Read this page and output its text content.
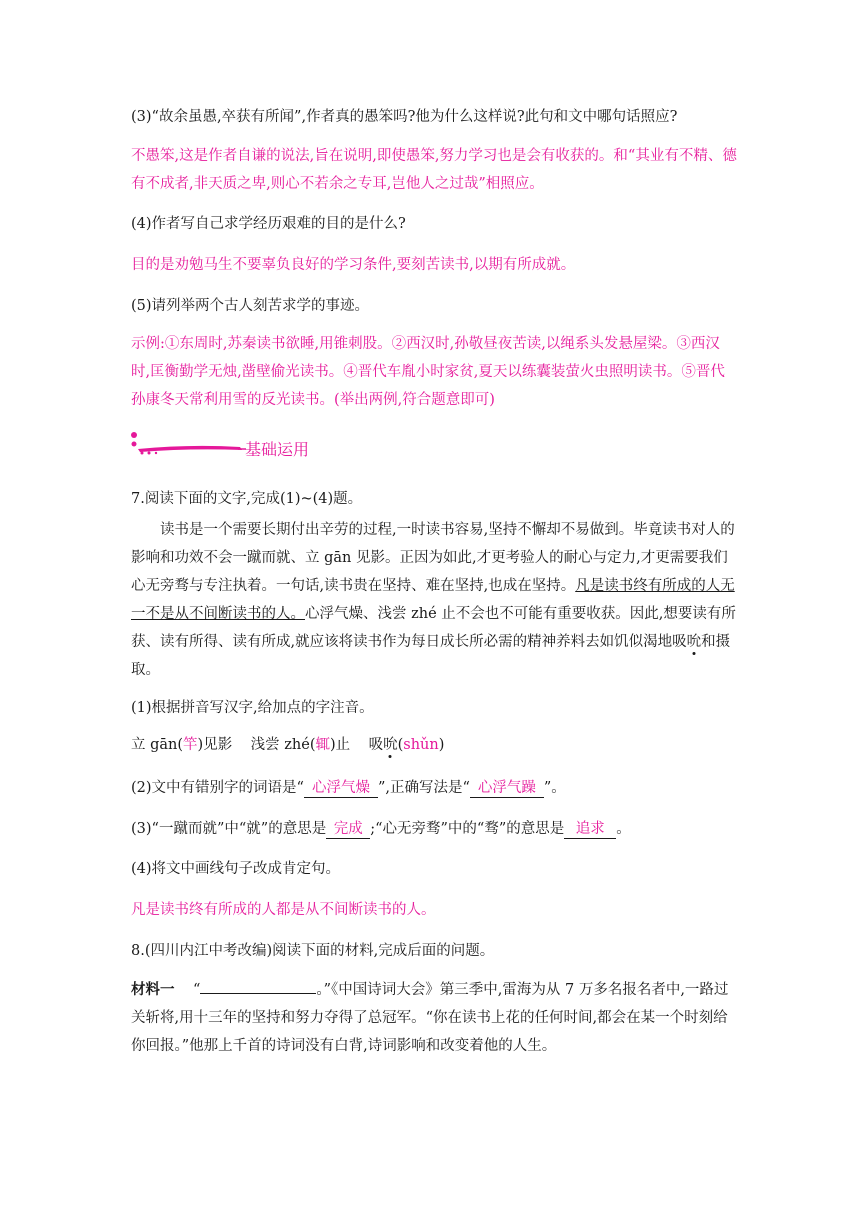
(3)“故余虽愚,卒获有所闻”,作者真的愚笨吗?他为什么这样说?此句和文中哪句话照应?
不愚笨,这是作者自谦的说法,旨在说明,即使愚笨,努力学习也是会有收获的。和“其业有不精、德有不成者,非天质之卑,则心不若余之专耳,岂他人之过哉”相照应。
(4)作者写自己求学经历艰难的目的是什么?
目的是劝勉马生不要辜负良好的学习条件,要刻苦读书,以期有所成就。
(5)请列举两个古人刻苦求学的事迹。
示例:①东周时,苏秦读书欲睡,用锥刺股。②西汉时,孙敬昼夜苦读,以绳系头发悬屋梁。③西汉时,匡衡勤学无烛,凿壁偷光读书。④晋代车胤小时家贫,夏天以练囊装萤火虫照明读书。⑤晋代孙康冬天常利用雪的反光读书。(举出两例,符合题意即可)
基础运用
7.阅读下面的文字,完成(1)~(4)题。
读书是一个需要长期付出辛劳的过程,一时读书容易,坚持不懈却不易做到。毕竟读书对人的影响和功效不会一蹴而就、立 gān 见影。正因为如此,才更考验人的耐心与定力,才更需要我们心无旁骛与专注执着。一句话,读书贵在坚持、难在坚持,也成在坚持。凡是读书终有所成的人无一不是从不间断读书的人。心浮气燥、浅尝 zhé 止不会也不可能有重要收获。因此,想要读有所获、读有所得、读有所成,就应该将读书作为每日成长所必需的精神养料去如饥似渴地吸吮和摄取。
(1)根据拼音写汉字,给加点的字注音。
立 gān(竿)见影 浅尝 zhé(辄)止 吸吮(shǔn)
(2)文中有错别字的词语是“ 心浮气燥 ”,正确写法是“ 心浮气躁 ”。
(3)“一蹴而就”中“就”的意思是 完成 ;“心无旁骛”中的“骛”的意思是 追求 。
(4)将文中画线句子改成肯定句。
凡是读书终有所成的人都是从不间断读书的人。
8.(四川内江中考改编)阅读下面的材料,完成后面的问题。
材料一 “	。”《中国诗词大会》第三季中,雷海为从 7 万多名报名者中,一路过关斩将,用十三年的坚持和努力夺得了总冠军。“你在读书上花的任何时间,都会在某一个时刻给你回报。”他那上千首的诗词没有白背,诗词影响和改变着他的人生。
